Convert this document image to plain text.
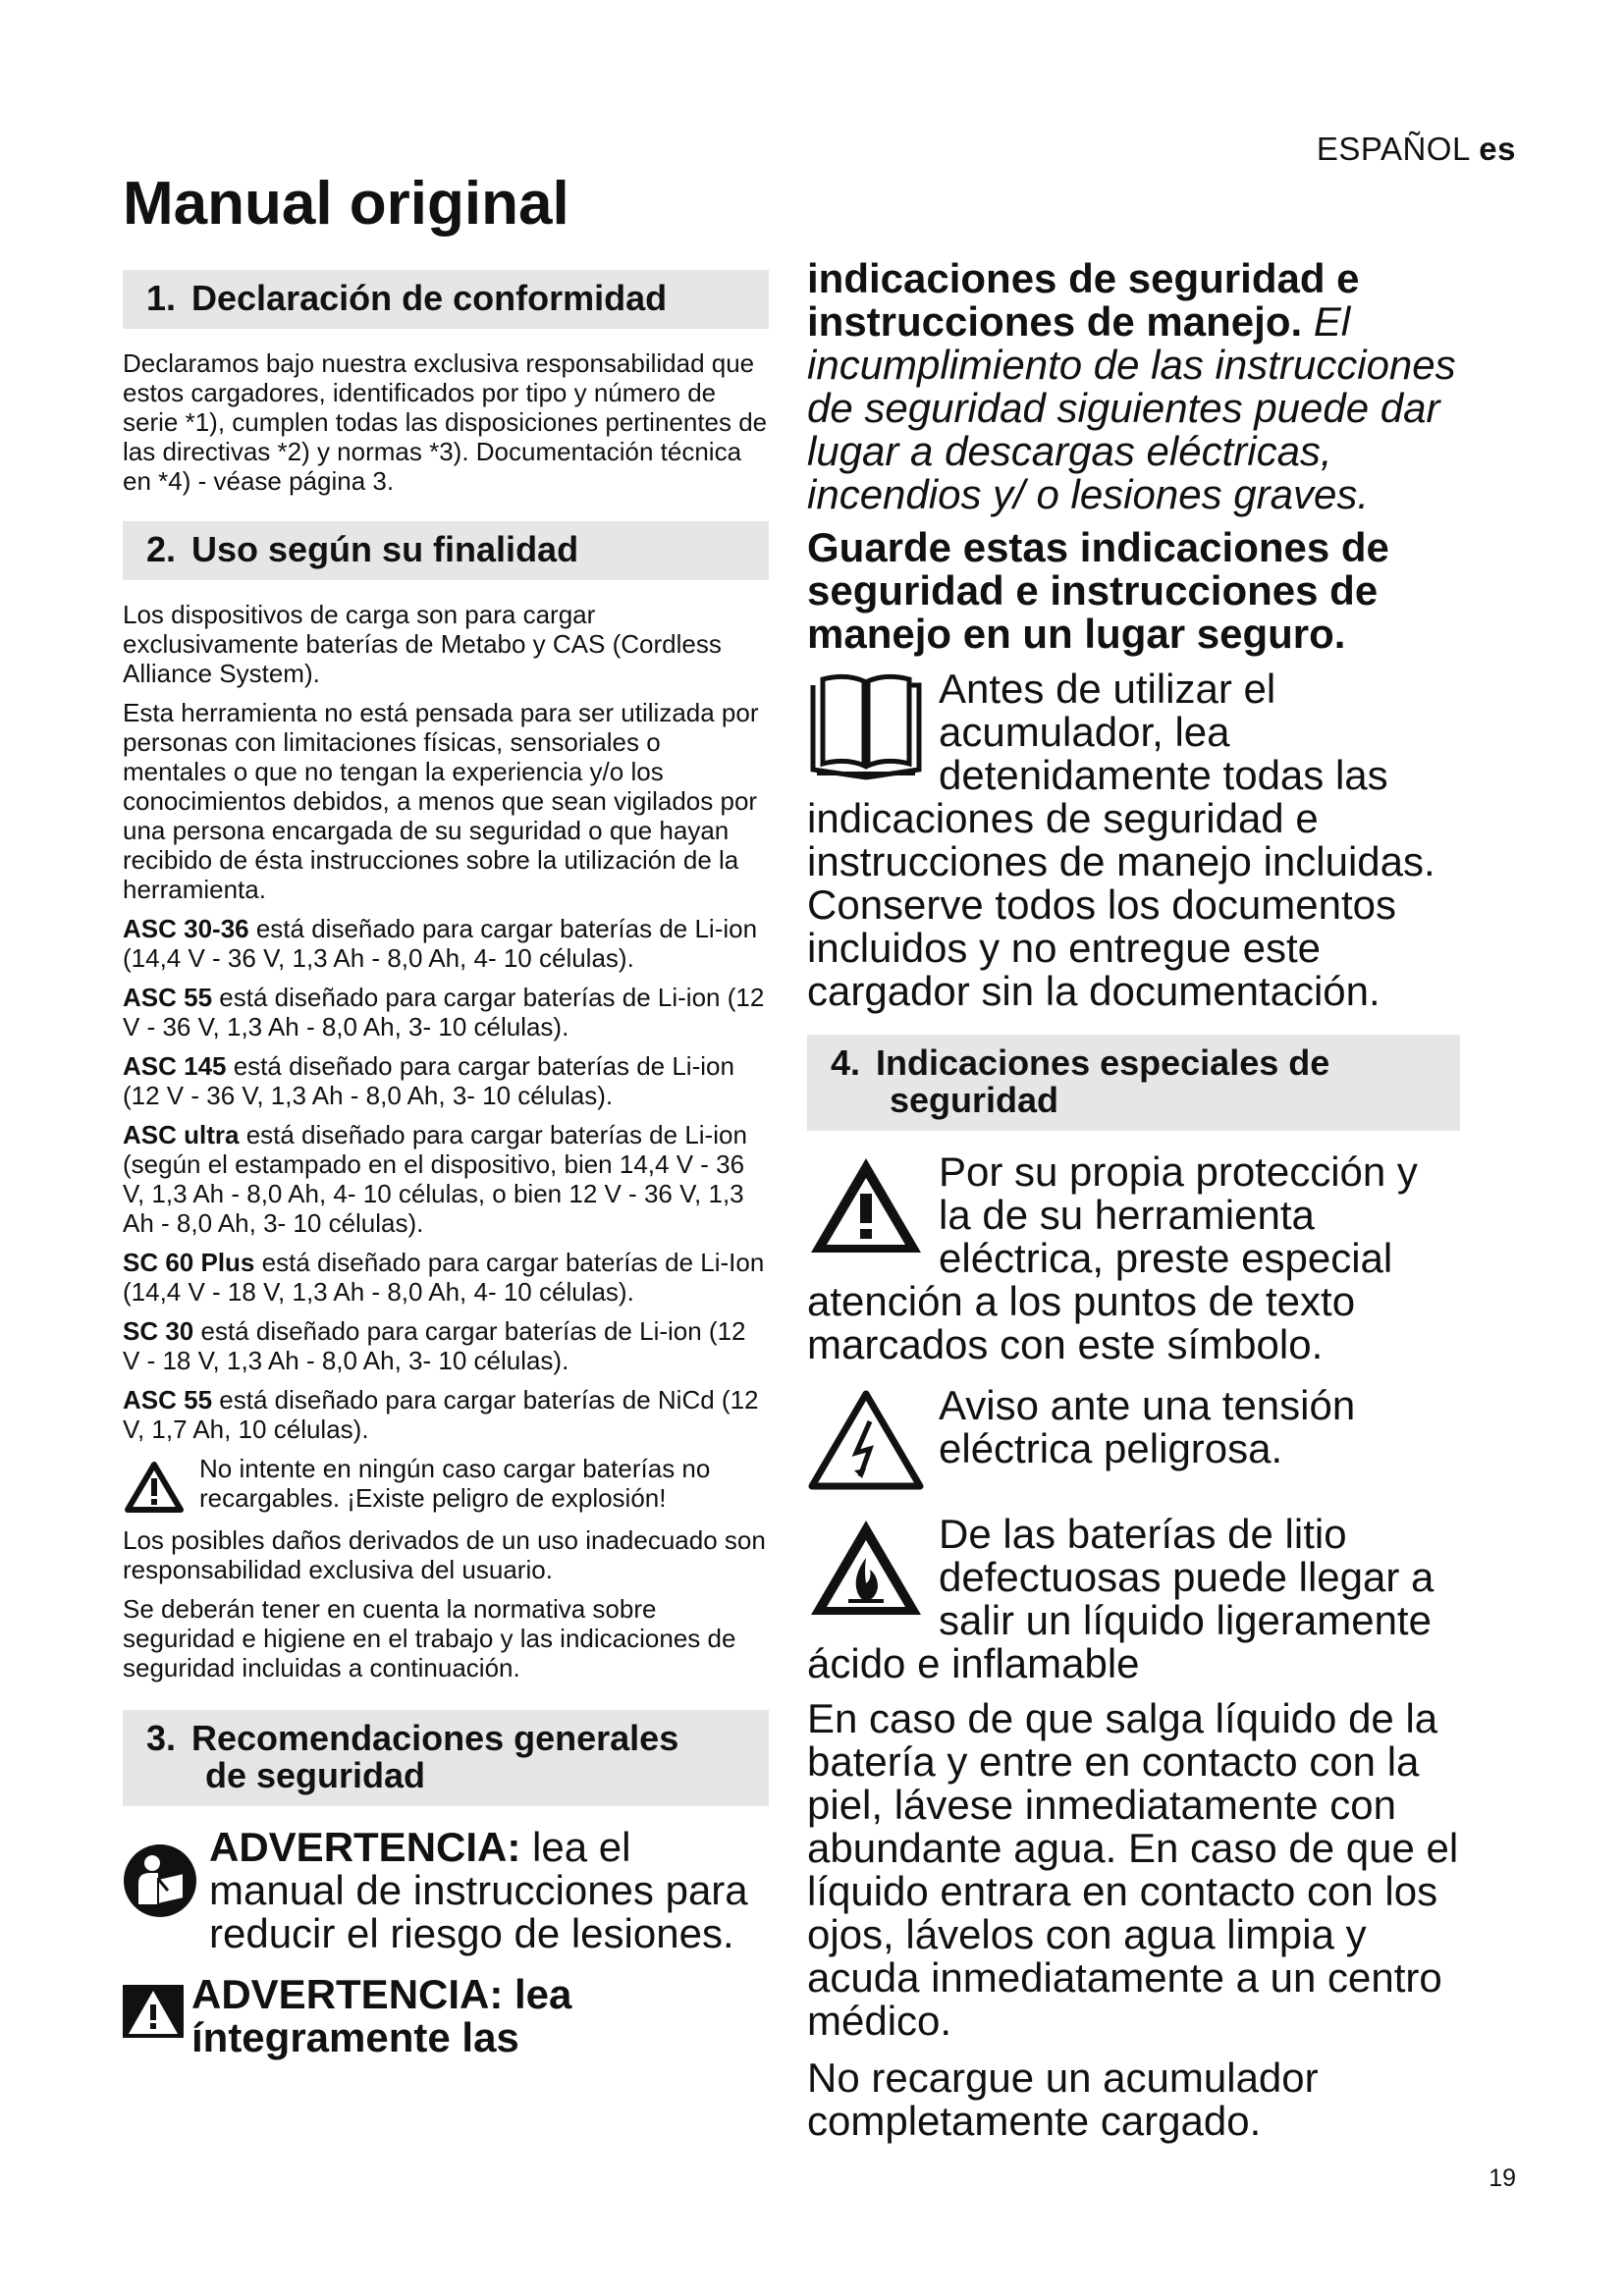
ESPAÑOL es
Manual original
1. Declaración de conformidad

Declaramos bajo nuestra exclusiva responsabilidad que estos cargadores, identificados por tipo y número de serie *1), cumplen todas las disposiciones pertinentes de las directivas *2) y normas *3). Documentación técnica en *4) - véase página 3.

2. Uso según su finalidad

Los dispositivos de carga son para cargar exclusivamente baterías de Metabo y CAS (Cordless Alliance System).

Esta herramienta no está pensada para ser utilizada por personas con limitaciones físicas, sensoriales o mentales o que no tengan la experiencia y/o los conocimientos debidos, a menos que sean vigilados por una persona encargada de su seguridad o que hayan recibido de ésta instrucciones sobre la utilización de la herramienta.

ASC 30-36 está diseñado para cargar baterías de Li-ion (14,4 V - 36 V, 1,3 Ah - 8,0 Ah, 4- 10 células).

ASC 55 está diseñado para cargar baterías de Li-ion (12 V - 36 V, 1,3 Ah - 8,0 Ah, 3- 10 células).

ASC 145 está diseñado para cargar baterías de Li-ion (12 V - 36 V, 1,3 Ah - 8,0 Ah, 3- 10 células).

ASC ultra está diseñado para cargar baterías de Li-ion (según el estampado en el dispositivo, bien 14,4 V - 36 V, 1,3 Ah - 8,0 Ah, 4- 10 células, o bien 12 V - 36 V, 1,3 Ah - 8,0 Ah, 3- 10 células).

SC 60 Plus está diseñado para cargar baterías de Li-Ion (14,4 V - 18 V, 1,3 Ah - 8,0 Ah, 4- 10 células).

SC 30 está diseñado para cargar baterías de Li-ion (12 V - 18 V, 1,3 Ah - 8,0 Ah, 3- 10 células).

ASC 55 está diseñado para cargar baterías de NiCd (12 V, 1,7 Ah, 10 células).

No intente en ningún caso cargar baterías no recargables. ¡Existe peligro de explosión!

Los posibles daños derivados de un uso inadecuado son responsabilidad exclusiva del usuario.

Se deberán tener en cuenta la normativa sobre seguridad e higiene en el trabajo y las indicaciones de seguridad incluidas a continuación.

3. Recomendaciones generales
de seguridad
ADVERTENCIA: lea el manual de instrucciones para reducir el riesgo de lesiones.
ADVERTENCIA: lea íntegramente las

indicaciones de seguridad e instrucciones de manejo. El incumplimiento de las instrucciones de seguridad siguientes puede dar lugar a descargas eléctricas, incendios y/ o lesiones graves.

Guarde estas indicaciones de seguridad e instrucciones de manejo en un lugar seguro.

Antes de utilizar el acumulador, lea detenidamente todas las indicaciones de seguridad e instrucciones de manejo incluidas. Conserve todos los documentos incluidos y no entregue este cargador sin la documentación.
4. Indicaciones especiales de
seguridad
Por su propia protección y la de su herramienta eléctrica, preste especial atención a los puntos de texto marcados con este símbolo.
Aviso ante una tensión eléctrica peligrosa.
De las baterías de litio defectuosas puede llegar a salir un líquido ligeramente ácido e inflamable

En caso de que salga líquido de la batería y entre en contacto con la piel, lávese inmediatamente con abundante agua. En caso de que el líquido entrara en contacto con los ojos, lávelos con agua limpia y acuda inmediatamente a un centro médico.

No recargue un acumulador completamente cargado.

19
